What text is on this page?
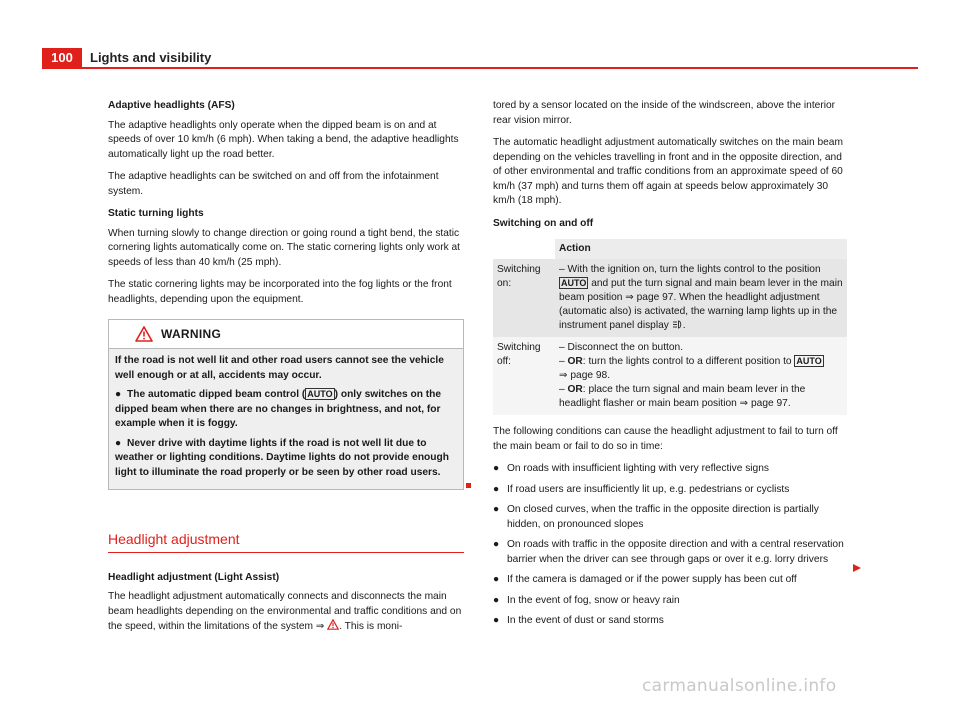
100	Lights and visibility

Adaptive headlights (AFS)

The adaptive headlights only operate when the dipped beam is on and at speeds of over 10 km/h (6 mph). When taking a bend, the adaptive headlights automatically light up the road better.

The adaptive headlights can be switched on and off from the infotainment system.

Static turning lights

When turning slowly to change direction or going round a tight bend, the static cornering lights automatically come on. The static cornering lights only work at speeds of less than 40 km/h (25 mph).

The static cornering lights may be incorporated into the fog lights or the front headlights, depending upon the equipment.

WARNING

If the road is not well lit and other road users cannot see the vehicle well enough or at all, accidents may occur.

● The automatic dipped beam control ( AUTO ) only switches on the dipped beam when there are no changes in brightness, and not, for example when it is foggy.

● Never drive with daytime lights if the road is not well lit due to weather or lighting conditions. Daytime lights do not provide enough light to illuminate the road properly or be seen by other road users.

Headlight adjustment

Headlight adjustment (Light Assist)

The headlight adjustment automatically connects and disconnects the main beam headlights depending on the environmental and traffic conditions and on the speed, within the limitations of the system ⇒ . This is moni-

tored by a sensor located on the inside of the windscreen, above the interior rear vision mirror.

The automatic headlight adjustment automatically switches on the main beam depending on the vehicles travelling in front and in the opposite direction, and of other environmental and traffic conditions from an approximate speed of 60 km/h (37 mph) and turns them off again at speeds below approximately 30 km/h (18 mph).

Switching on and off

	Action
Switching on:	– With the ignition on, turn the lights control to the position AUTO and put the turn signal and main beam lever in the main beam position ⇒ page 97. When the headlight adjustment (automatic also) is activated, the warning lamp lights up in the instrument panel display .
Switching off:	– Disconnect the on button.
– OR: turn the lights control to a different position to AUTO
⇒ page 98.
– OR: place the turn signal and main beam lever in the headlight flasher or main beam position ⇒ page 97.

The following conditions can cause the headlight adjustment to fail to turn off the main beam or fail to do so in time:

● On roads with insufficient lighting with very reflective signs
● If road users are insufficiently lit up, e.g. pedestrians or cyclists
● On closed curves, when the traffic in the opposite direction is partially hidden, on pronounced slopes
● On roads with traffic in the opposite direction and with a central reservation barrier when the driver can see through gaps or over it e.g. lorry drivers
● If the camera is damaged or if the power supply has been cut off
● In the event of fog, snow or heavy rain
● In the event of dust or sand storms
carmanualsonline.info
